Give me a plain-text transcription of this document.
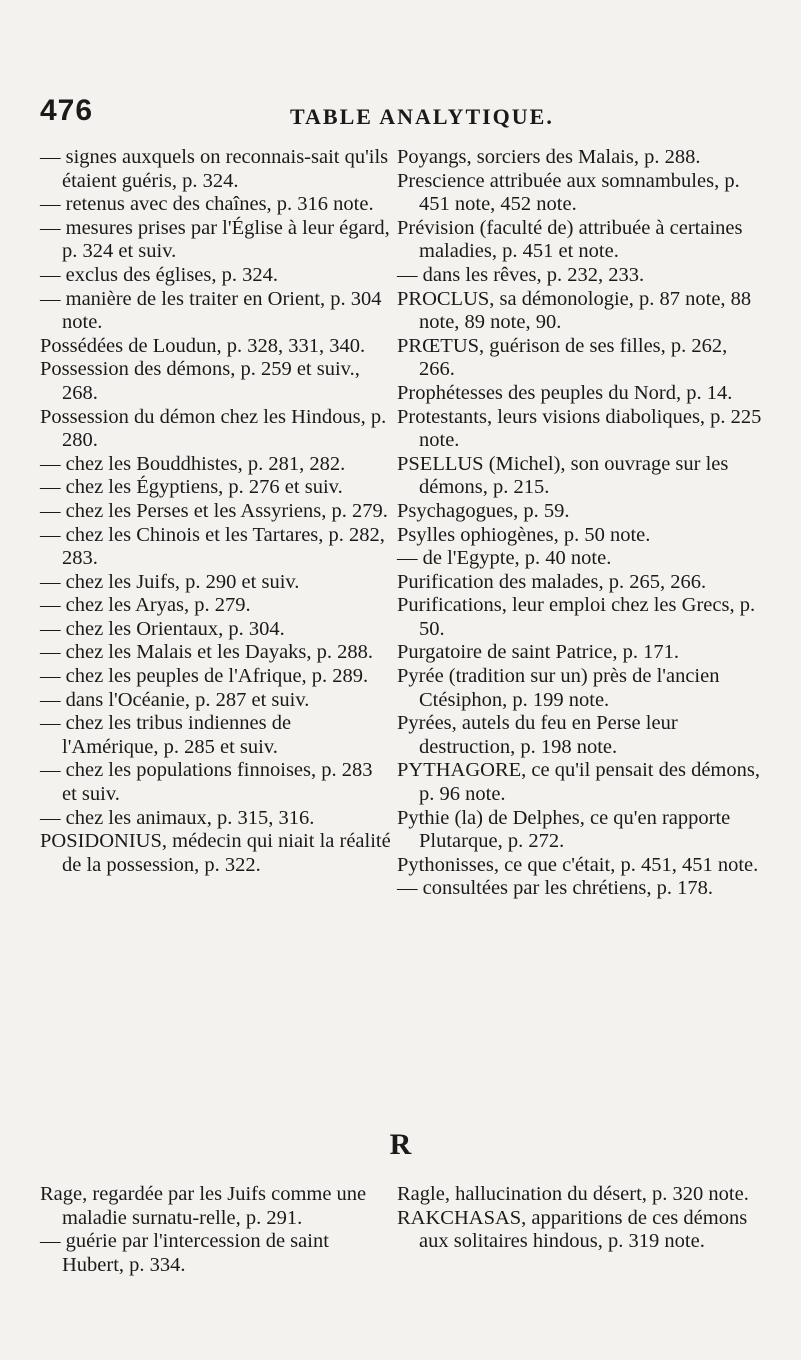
476	TABLE ANALYTIQUE.

— signes auxquels on reconnais-sait qu'ils étaient guéris, p. 324.

— retenus avec des chaînes, p. 316 note.

— mesures prises par l'Église à leur égard, p. 324 et suiv.

— exclus des églises, p. 324.

— manière de les traiter en Orient, p. 304 note.

Possédées de Loudun, p. 328, 331, 340.

Possession des démons, p. 259 et suiv., 268.

Possession du démon chez les Hindous, p. 280.

— chez les Bouddhistes, p. 281, 282.

— chez les Égyptiens, p. 276 et suiv.

— chez les Perses et les Assyriens, p. 279.

— chez les Chinois et les Tartares, p. 282, 283.

— chez les Juifs, p. 290 et suiv.

— chez les Aryas, p. 279.

— chez les Orientaux, p. 304.

— chez les Malais et les Dayaks, p. 288.

— chez les peuples de l'Afrique, p. 289.

— dans l'Océanie, p. 287 et suiv.

— chez les tribus indiennes de l'Amérique, p. 285 et suiv.

— chez les populations finnoises, p. 283 et suiv.

— chez les animaux, p. 315, 316.

POSIDONIUS, médecin qui niait la réalité de la possession, p. 322.

Poyangs, sorciers des Malais, p. 288.

Prescience attribuée aux somnambules, p. 451 note, 452 note.

Prévision (faculté de) attribuée à certaines maladies, p. 451 et note.

— dans les rêves, p. 232, 233.

PROCLUS, sa démonologie, p. 87 note, 88 note, 89 note, 90.

PRŒTUS, guérison de ses filles, p. 262, 266.

Prophétesses des peuples du Nord, p. 14.

Protestants, leurs visions diaboliques, p. 225 note.

PSELLUS (Michel), son ouvrage sur les démons, p. 215.

Psychagogues, p. 59.

Psylles ophiogènes, p. 50 note.

— de l'Egypte, p. 40 note.

Purification des malades, p. 265, 266.

Purifications, leur emploi chez les Grecs, p. 50.

Purgatoire de saint Patrice, p. 171.

Pyrée (tradition sur un) près de l'ancien Ctésiphon, p. 199 note.

Pyrées, autels du feu en Perse leur destruction, p. 198 note.

PYTHAGORE, ce qu'il pensait des démons, p. 96 note.

Pythie (la) de Delphes, ce qu'en rapporte Plutarque, p. 272.

Pythonisses, ce que c'était, p. 451, 451 note.

— consultées par les chrétiens, p. 178.

R

Rage, regardée par les Juifs comme une maladie surnatu-relle, p. 291.

— guérie par l'intercession de saint Hubert, p. 334.

Ragle, hallucination du désert, p. 320 note.

RAKCHASAS, apparitions de ces démons aux solitaires hindous, p. 319 note.
